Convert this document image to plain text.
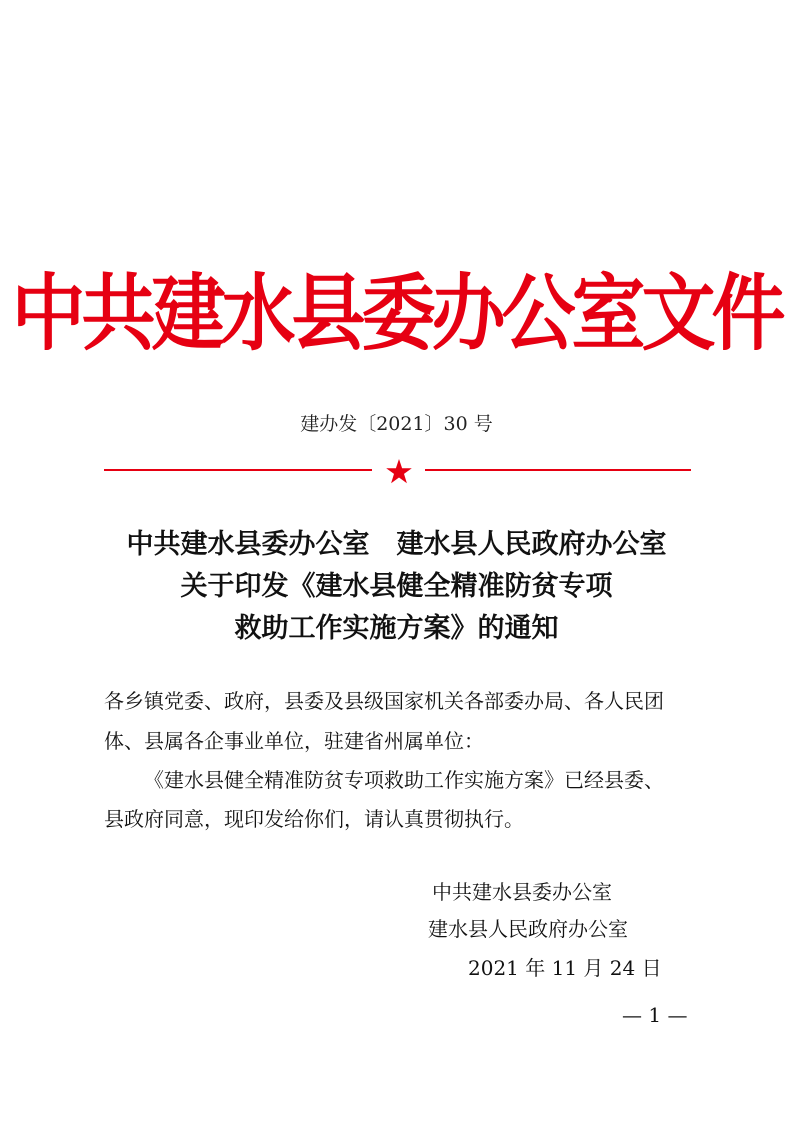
中共建水县委办公室文件
建办发〔2021〕30 号
中共建水县委办公室　建水县人民政府办公室
关于印发《建水县健全精准防贫专项
救助工作实施方案》的通知
各乡镇党委、政府，县委及县级国家机关各部委办局、各人民团
体、县属各企事业单位，驻建省州属单位：
《建水县健全精准防贫专项救助工作实施方案》已经县委、
县政府同意，现印发给你们，请认真贯彻执行。
中共建水县委办公室
建水县人民政府办公室
2021 年 11 月 24 日
— 1 —
